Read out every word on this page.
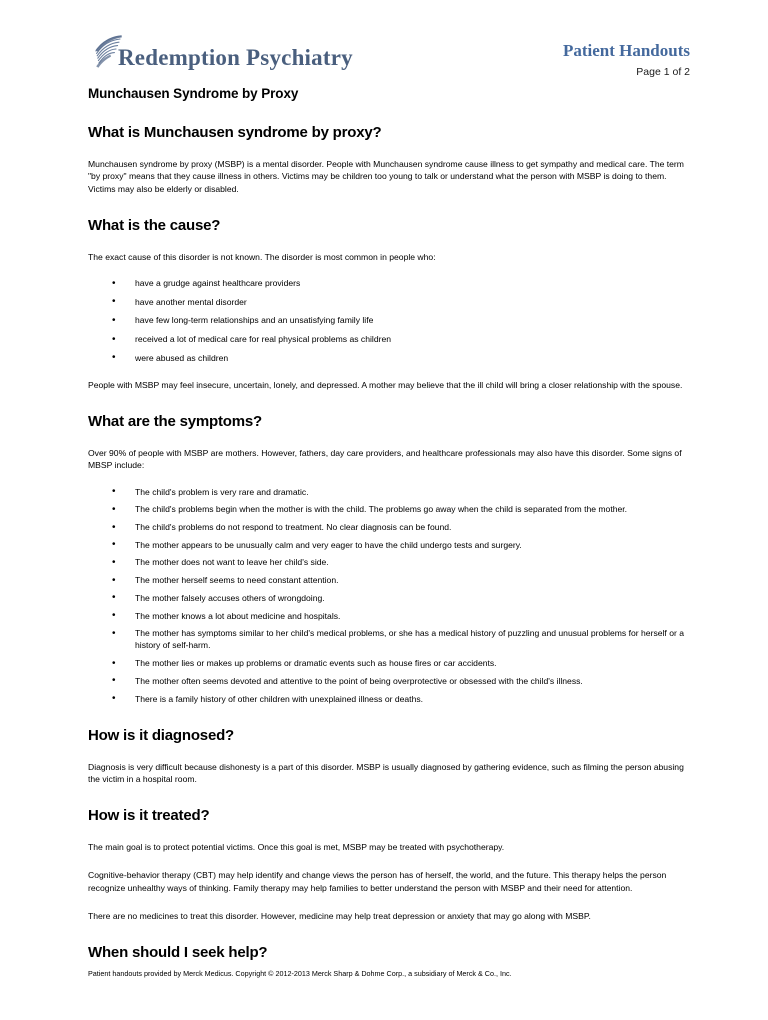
Redemption Psychiatry	Patient Handouts
Page 1 of 2
Munchausen Syndrome by Proxy
What is Munchausen syndrome by proxy?

Munchausen syndrome by proxy (MSBP) is a mental disorder. People with Munchausen syndrome cause illness to get sympathy and medical care. The term "by proxy" means that they cause illness in others. Victims may be children too young to talk or understand what the person with MSBP is doing to them. Victims may also be elderly or disabled.

What is the cause?

The exact cause of this disorder is not known. The disorder is most common in people who:

• have a grudge against healthcare providers
• have another mental disorder
• have few long-term relationships and an unsatisfying family life
• received a lot of medical care for real physical problems as children
• were abused as children

People with MSBP may feel insecure, uncertain, lonely, and depressed. A mother may believe that the ill child will bring a closer relationship with the spouse.

What are the symptoms?

Over 90% of people with MSBP are mothers. However, fathers, day care providers, and healthcare professionals may also have this disorder. Some signs of MBSP include:

• The child's problem is very rare and dramatic.
• The child's problems begin when the mother is with the child. The problems go away when the child is separated from the mother.
• The child's problems do not respond to treatment. No clear diagnosis can be found.
• The mother appears to be unusually calm and very eager to have the child undergo tests and surgery.
• The mother does not want to leave her child's side.
• The mother herself seems to need constant attention.
• The mother falsely accuses others of wrongdoing.
• The mother knows a lot about medicine and hospitals.
• The mother has symptoms similar to her child's medical problems, or she has a medical history of puzzling and unusual problems for herself or a history of self-harm.
• The mother lies or makes up problems or dramatic events such as house fires or car accidents.
• The mother often seems devoted and attentive to the point of being overprotective or obsessed with the child's illness.
• There is a family history of other children with unexplained illness or deaths.
How is it diagnosed?

Diagnosis is very difficult because dishonesty is a part of this disorder. MSBP is usually diagnosed by gathering evidence, such as filming the person abusing the victim in a hospital room.

How is it treated?

The main goal is to protect potential victims. Once this goal is met, MSBP may be treated with psychotherapy.

Cognitive-behavior therapy (CBT) may help identify and change views the person has of herself, the world, and the future. This therapy helps the person recognize unhealthy ways of thinking. Family therapy may help families to better understand the person with MSBP and their need for attention.

There are no medicines to treat this disorder. However, medicine may help treat depression or anxiety that may go along with MSBP.

When should I seek help?
Patient handouts provided by Merck Medicus. Copyright © 2012-2013 Merck Sharp & Dohme Corp., a subsidiary of Merck & Co., Inc.
